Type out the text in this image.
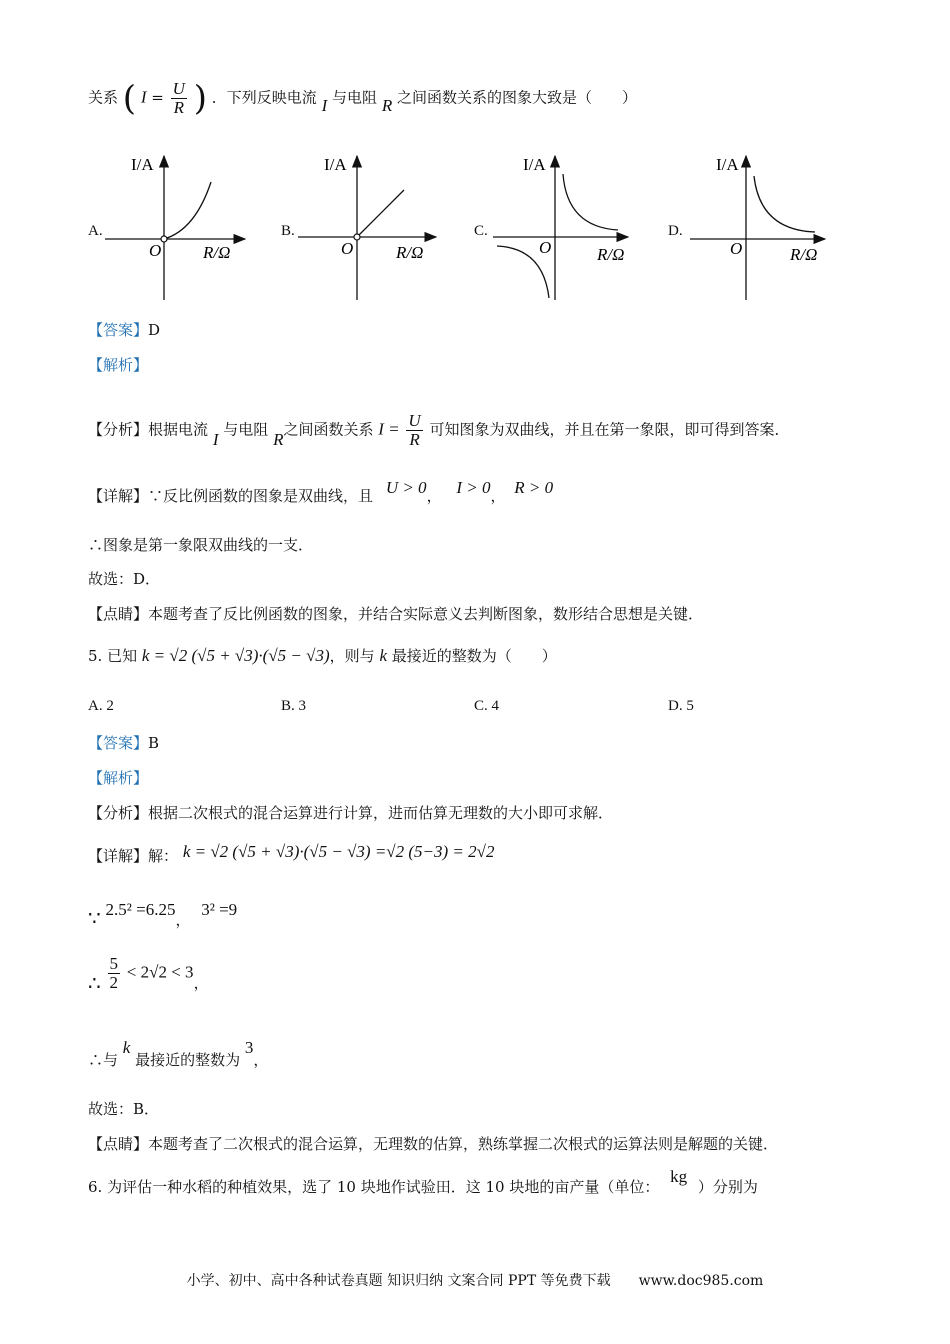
关系 ( $I = \frac{U}{R}$ ) ．下列反映电流 I 与电阻 R 之间函数关系的图象大致是（　　）
A.	B.	C.	D.
I/A
R/Ω
O
I/A
R/Ω
O
I/A
R/Ω
O
I/A
R/Ω
O
【答案】D
【解析】
【分析】根据电流 I 与电阻 R之间函数关系 $I = \frac{U}{R}$ 可知图象为双曲线，并且在第一象限，即可得到答案．
【详解】∵反比例函数的图象是双曲线，且 U > 0， I > 0， R > 0
∴图象是第一象限双曲线的一支．
故选：D．
【点睛】本题考查了反比例函数的图象，并结合实际意义去判断图象，数形结合思想是关键．
5. 已知 k = √2 (√5 + √3)·(√5 − √3)，则与 k 最接近的整数为（　　）
A. 2	B. 3	C. 4	D. 5
【答案】B
【解析】
【分析】根据二次根式的混合运算进行计算，进而估算无理数的大小即可求解．
【详解】解： k = √2 (√5 + √3)·(√5 − √3) =√2 (5−3) = 2√2
∵ 2.5² =6.25， 3² =9
∴ $\frac{5}{2} < 2√2 < 3$，
∴与 k 最接近的整数为 3，
故选：B．
【点睛】本题考查了二次根式的混合运算，无理数的估算，熟练掌握二次根式的运算法则是解题的关键．
6. 为评估一种水稻的种植效果，选了 10 块地作试验田．这 10 块地的亩产量（单位： kg ）分别为
小学、初中、高中各种试卷真题 知识归纳 文案合同 PPT 等免费下载　　www.doc985.com
